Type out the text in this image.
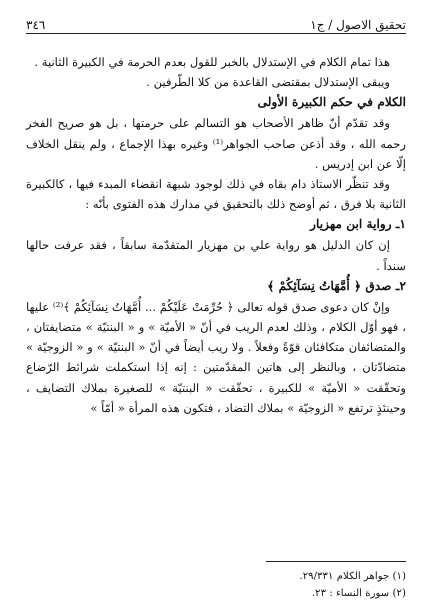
تحقيق الاصول / ج١
٣٤٦

هذا تمام الكلام في الإستدلال بالخبر للقول بعدم الحرمة في الكبيرة الثانية .

ويبقى الإستدلال بمقتضى القاعدة من كلا الطّرفين .

الكلام في حكم الكبيرة الأولى

وقد تقدّم أنّ ظاهر الأصحاب هو التسالم على حرمتها ، بل هو صريح الفخر رحمه الله ، وقد أذعن صاحب الجواهر⁽¹⁾ وغيره بهذا الإجماع ، ولم ينقل الخلاف إلّا عن ابن إدريس .

وقد تنظّر الاستاذ دام بقاه في ذلك لوجود شبهة انقضاء المبدء فيها ، كالكبيرة الثانية بلا فرق ، ثم أوضح ذلك بالتحقيق في مدارك هذه الفتوى بأنّه :

١ـ رواية ابن مهزيار

إن كان الدليل هو رواية علي بن مهزيار المتقدّمة سابقاً ، فقد عرفت حالها سنداً .

٢ـ صدق ﴿ أُمَّهَاتُ نِسَآئِكُمْ ﴾

وإنْ كان دعوى صدق قوله تعالى ﴿ حُرِّمَتْ عَلَيْكُمْ ... أُمَّهَاتُ نِسَآئِكُمْ ﴾⁽²⁾ عليها ، فهو أوّل الكلام ، وذلك لعدم الريب في أنّ « الأميّة » و « البنتيّة » متضايفتان ، والمتضائفان متكافئان قوّةً وفعلاً . ولا ريب أيضاً في أنّ « البنتيّة » و « الزوجيّة » متضادّتان ، وبالنظر إلى هاتين المقدّمتين : إنه إذا استكملت شرائط الرّضاع وتحقّقت « الأميّة » للكبيرة ، تحقّقت « البنتيّة » للصغيرة بملاك التضايف ، وحينئذٍ ترتفع « الزوجيّة » بملاك التضاد ، فتكون هذه المرأة « أمّاً »

(١) جواهر الكلام ٢٩/٣٣١.

(٢) سورة النساء : ٢٣.
